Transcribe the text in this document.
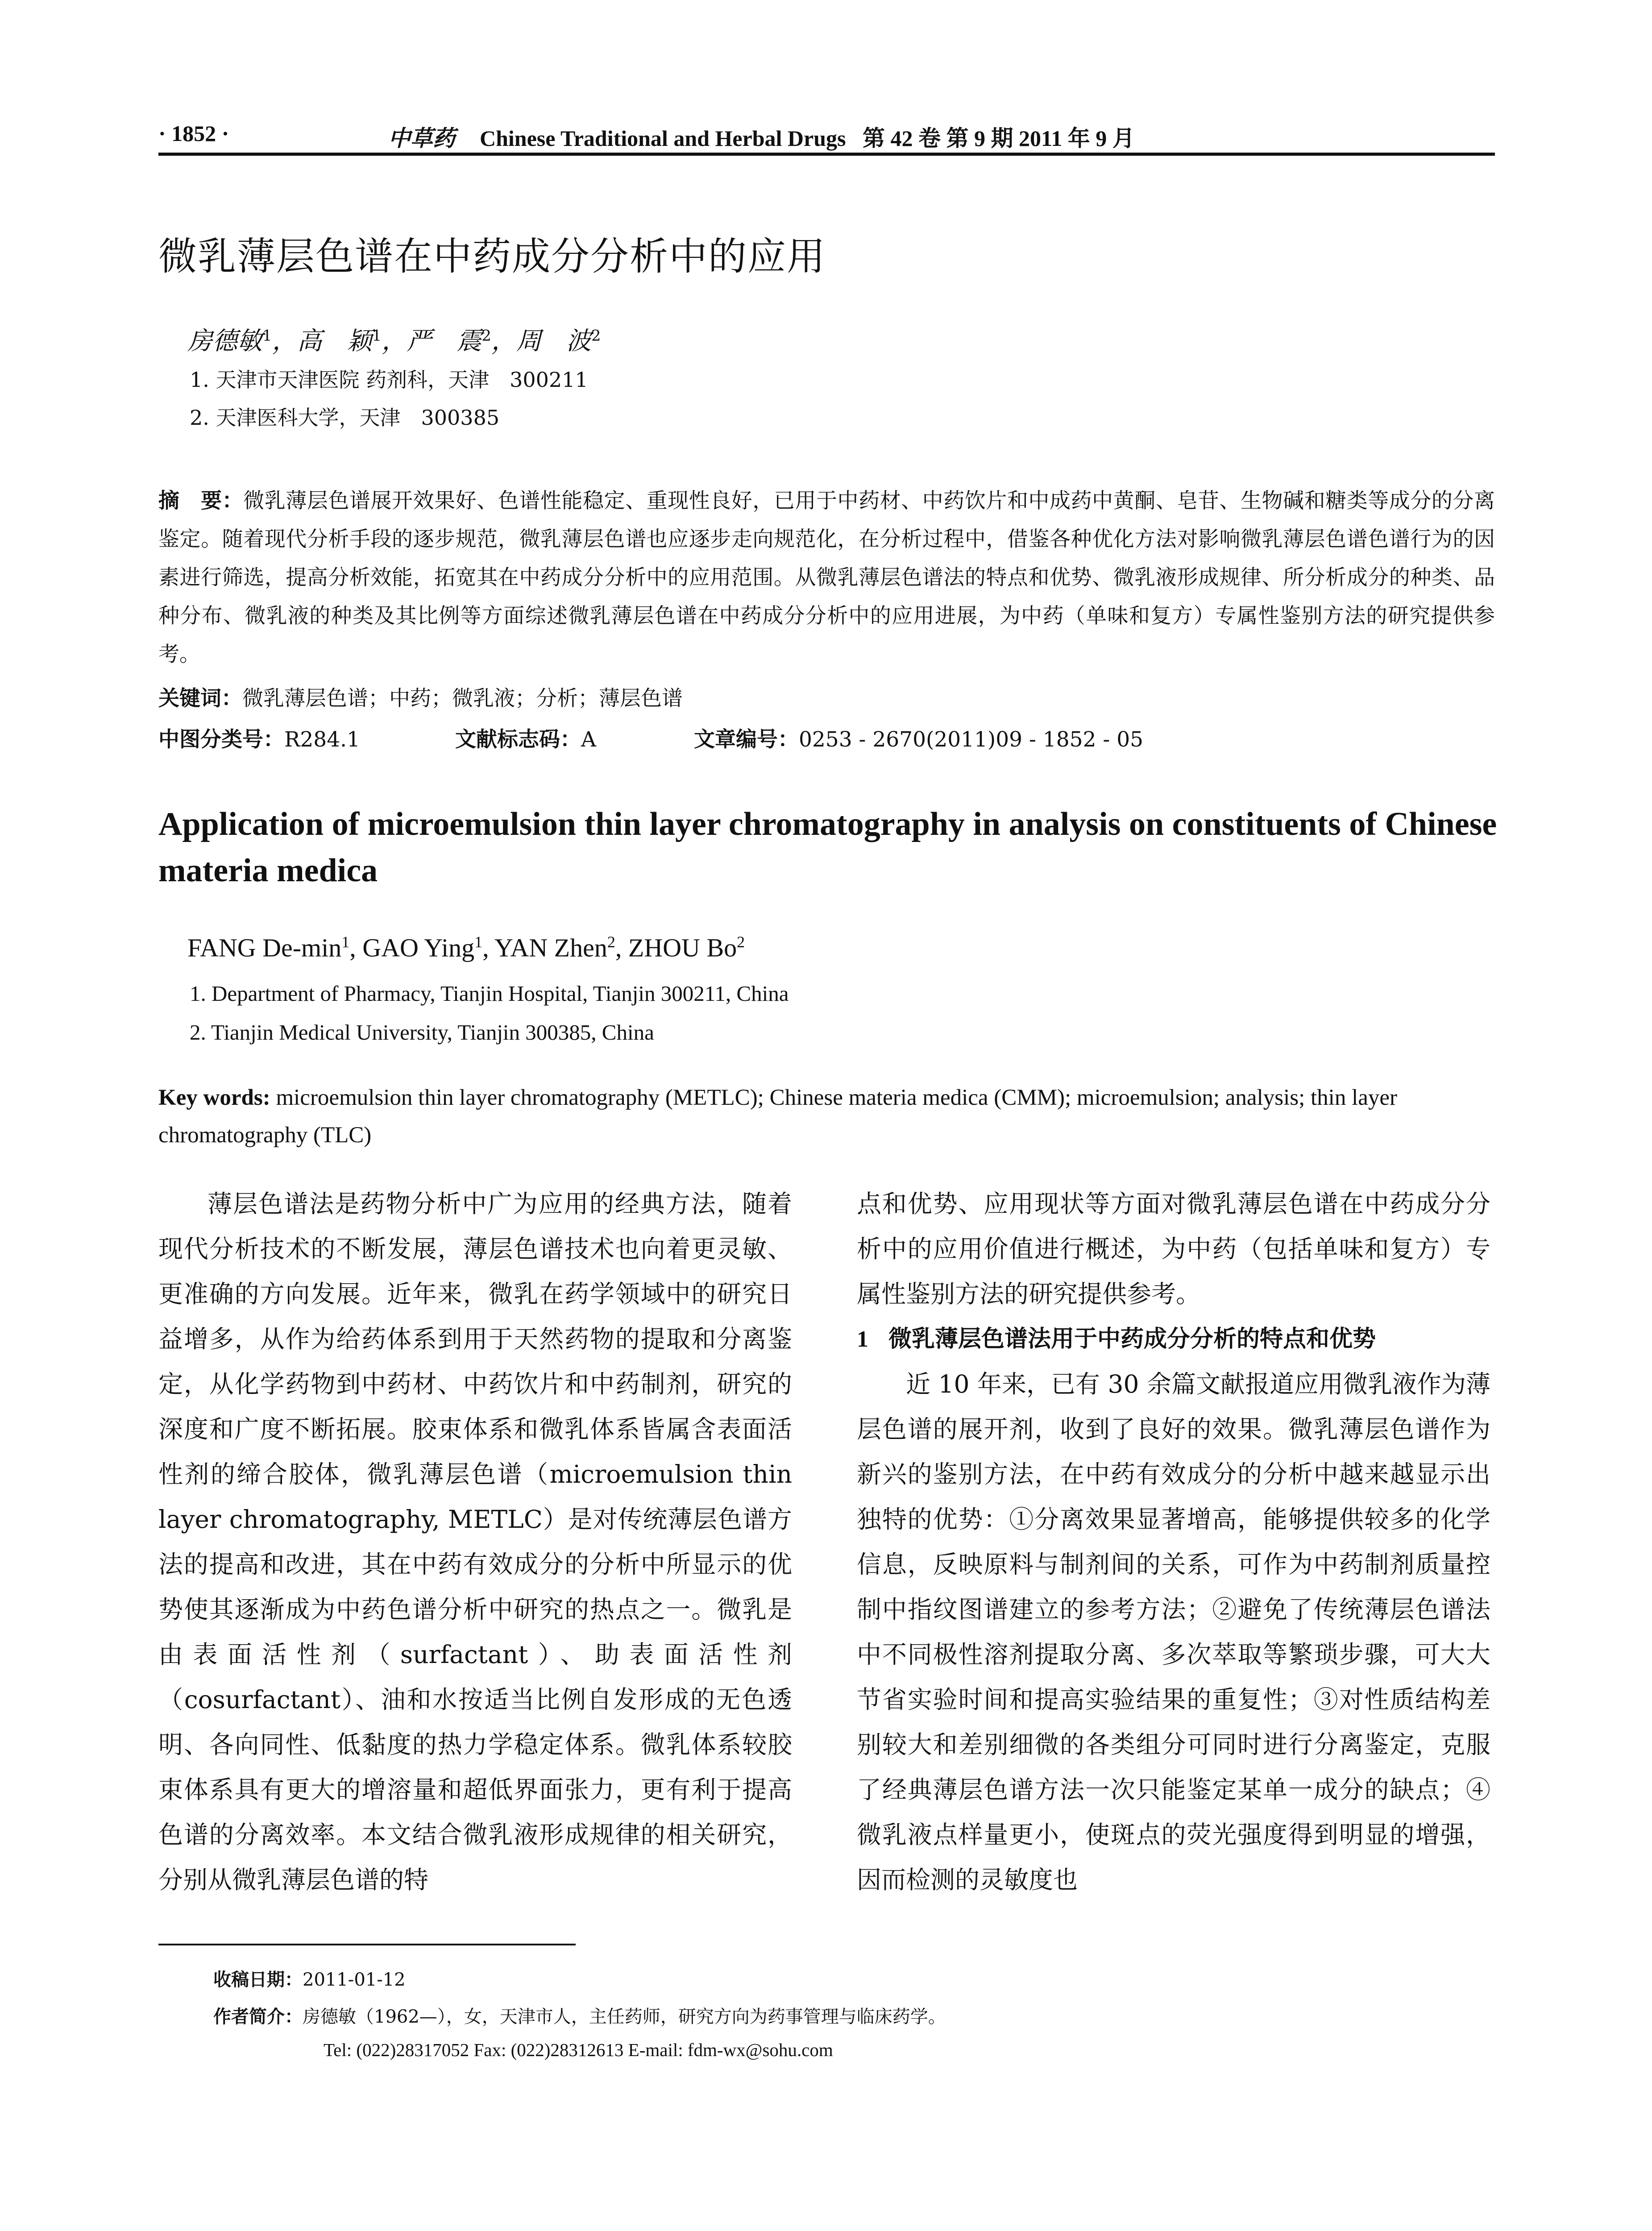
· 1852 ·	中草药 Chinese Traditional and Herbal Drugs 第 42 卷 第 9 期 2011 年 9 月
微乳薄层色谱在中药成分分析中的应用
房德敏$^1$，高　颖$^1$，严　震$^2$，周　波$^2$
1. 天津市天津医院 药剂科，天津　300211
2. 天津医科大学，天津　300385
摘　要：微乳薄层色谱展开效果好、色谱性能稳定、重现性良好，已用于中药材、中药饮片和中成药中黄酮、皂苷、生物碱和糖类等成分的分离鉴定。随着现代分析手段的逐步规范，微乳薄层色谱也应逐步走向规范化，在分析过程中，借鉴各种优化方法对影响微乳薄层色谱色谱行为的因素进行筛选，提高分析效能，拓宽其在中药成分分析中的应用范围。从微乳薄层色谱法的特点和优势、微乳液形成规律、所分析成分的种类、品种分布、微乳液的种类及其比例等方面综述微乳薄层色谱在中药成分分析中的应用进展，为中药（单味和复方）专属性鉴别方法的研究提供参考。
关键词：微乳薄层色谱；中药；微乳液；分析；薄层色谱
中图分类号：R284.1	文献标志码：A	文章编号：0253 - 2670(2011)09 - 1852 - 05
Application of microemulsion thin layer chromatography in analysis on constituents of Chinese materia medica
FANG $De-\min^1$, GAO Ying$^1$, YAN Zhen$^2$, ZHOU Bo$^2$
1. Department of Pharmacy, Tianjin Hospital, Tianjin 300211, China
2. Tianjin Medical University, Tianjin 300385, China
Key words: microemulsion thin layer chromatography (METLC); Chinese materia medica (CMM); microemulsion; analysis; thin layer chromatography (TLC)

薄层色谱法是药物分析中广为应用的经典方法，随着现代分析技术的不断发展，薄层色谱技术也向着更灵敏、更准确的方向发展。近年来，微乳在药学领域中的研究日益增多，从作为给药体系到用于天然药物的提取和分离鉴定，从化学药物到中药材、中药饮片和中药制剂，研究的深度和广度不断拓展。胶束体系和微乳体系皆属含表面活性剂的缔合胶体，微乳薄层色谱（microemulsion thin layer chromatography, METLC）是对传统薄层色谱方法的提高和改进，其在中药有效成分的分析中所显示的优势使其逐渐成为中药色谱分析中研究的热点之一。微乳是由表面活性剂（surfactant）、助表面活性剂（cosurfactant）、油和水按适当比例自发形成的无色透明、各向同性、低黏度的热力学稳定体系。微乳体系较胶束体系具有更大的增溶量和超低界面张力，更有利于提高色谱的分离效率。本文结合微乳液形成规律的相关研究，分别从微乳薄层色谱的特

点和优势、应用现状等方面对微乳薄层色谱在中药成分分析中的应用价值进行概述，为中药（包括单味和复方）专属性鉴别方法的研究提供参考。

1 微乳薄层色谱法用于中药成分分析的特点和优势

近 10 年来，已有 30 余篇文献报道应用微乳液作为薄层色谱的展开剂，收到了良好的效果。微乳薄层色谱作为新兴的鉴别方法，在中药有效成分的分析中越来越显示出独特的优势：①分离效果显著增高，能够提供较多的化学信息，反映原料与制剂间的关系，可作为中药制剂质量控制中指纹图谱建立的参考方法；②避免了传统薄层色谱法中不同极性溶剂提取分离、多次萃取等繁琐步骤，可大大节省实验时间和提高实验结果的重复性；③对性质结构差别较大和差别细微的各类组分可同时进行分离鉴定，克服了经典薄层色谱方法一次只能鉴定某单一成分的缺点；④微乳液点样量更小，使斑点的荧光强度得到明显的增强，因而检测的灵敏度也

收稿日期：2011-01-12
作者简介：房德敏（1962—），女，天津市人，主任药师，研究方向为药事管理与临床药学。
Tel: (022)28317052 Fax: (022)28312613 E-mail: fdm-wx@sohu.com
